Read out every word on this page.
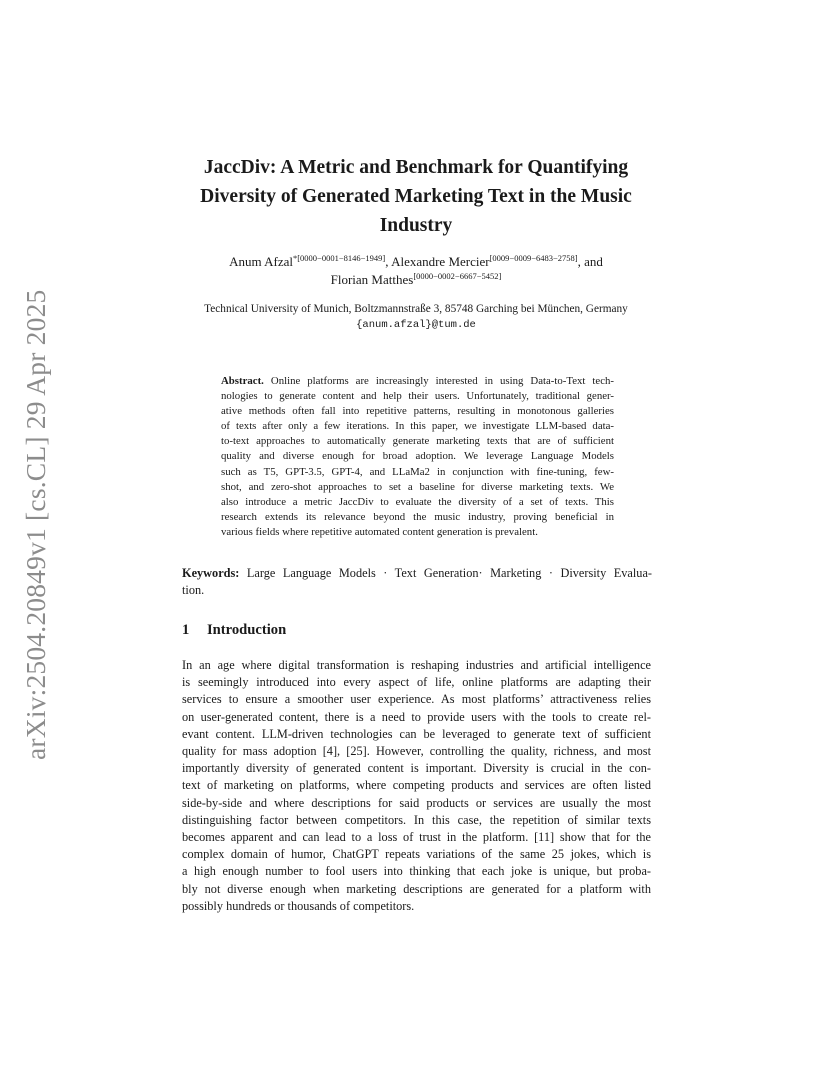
arXiv:2504.20849v1 [cs.CL] 29 Apr 2025
JaccDiv: A Metric and Benchmark for Quantifying
Diversity of Generated Marketing Text in the Music
Industry
Anum Afzal$^{*[0000-0001-8146-1949]}$, Alexandre Mercier[0009−0009−6483−2758], and
Florian Matthes[0000−0002−6667−5452]
Technical University of Munich, Boltzmannstraße 3, 85748 Garching bei München, Germany
{anum.afzal}@tum.de
Abstract. Online platforms are increasingly interested in using Data-to-Text tech-
nologies to generate content and help their users. Unfortunately, traditional gener-
ative methods often fall into repetitive patterns, resulting in monotonous galleries
of texts after only a few iterations. In this paper, we investigate LLM-based data-
to-text approaches to automatically generate marketing texts that are of sufficient
quality and diverse enough for broad adoption. We leverage Language Models
such as T5, GPT-3.5, GPT-4, and LLaMa2 in conjunction with fine-tuning, few-
shot, and zero-shot approaches to set a baseline for diverse marketing texts. We
also introduce a metric JaccDiv to evaluate the diversity of a set of texts. This
research extends its relevance beyond the music industry, proving beneficial in
various fields where repetitive automated content generation is prevalent.
Keywords: Large Language Models · Text Generation· Marketing · Diversity Evalua-
tion.
1 Introduction
In an age where digital transformation is reshaping industries and artificial intelligence
is seemingly introduced into every aspect of life, online platforms are adapting their
services to ensure a smoother user experience. As most platforms’ attractiveness relies
on user-generated content, there is a need to provide users with the tools to create rel-
evant content. LLM-driven technologies can be leveraged to generate text of sufficient
quality for mass adoption [4], [25]. However, controlling the quality, richness, and most
importantly diversity of generated content is important. Diversity is crucial in the con-
text of marketing on platforms, where competing products and services are often listed
side-by-side and where descriptions for said products or services are usually the most
distinguishing factor between competitors. In this case, the repetition of similar texts
becomes apparent and can lead to a loss of trust in the platform. [11] show that for the
complex domain of humor, ChatGPT repeats variations of the same 25 jokes, which is
a high enough number to fool users into thinking that each joke is unique, but proba-
bly not diverse enough when marketing descriptions are generated for a platform with
possibly hundreds or thousands of competitors.
